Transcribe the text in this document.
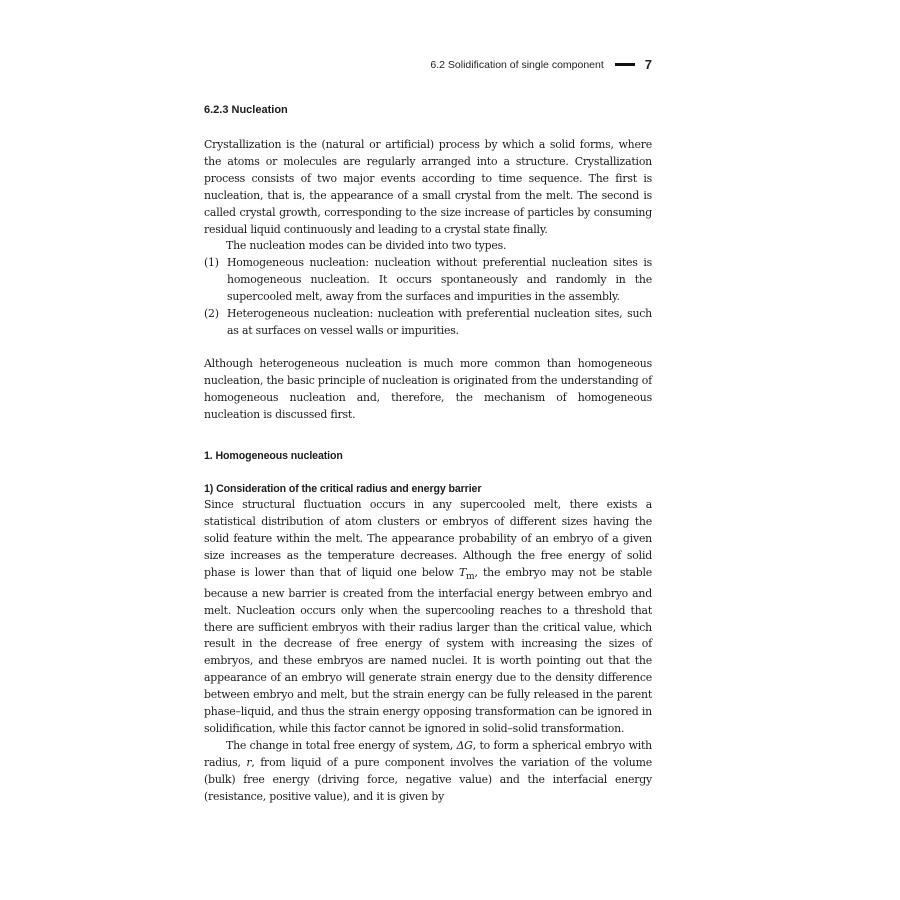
6.2 Solidification of single component	7
6.2.3 Nucleation

Crystallization is the (natural or artificial) process by which a solid forms, where the atoms or molecules are regularly arranged into a structure. Crystallization process consists of two major events according to time sequence. The first is nucleation, that is, the appearance of a small crystal from the melt. The second is called crystal growth, corresponding to the size increase of particles by consuming residual liquid continuously and leading to a crystal state finally.

The nucleation modes can be divided into two types.

(1) Homogeneous nucleation: nucleation without preferential nucleation sites is homogeneous nucleation. It occurs spontaneously and randomly in the supercooled melt, away from the surfaces and impurities in the assembly.
(2) Heterogeneous nucleation: nucleation with preferential nucleation sites, such as at surfaces on vessel walls or impurities.

Although heterogeneous nucleation is much more common than homogeneous nucleation, the basic principle of nucleation is originated from the understanding of homogeneous nucleation and, therefore, the mechanism of homogeneous nucleation is discussed first.

1. Homogeneous nucleation
1) Consideration of the critical radius and energy barrier

Since structural fluctuation occurs in any supercooled melt, there exists a statistical distribution of atom clusters or embryos of different sizes having the solid feature within the melt. The appearance probability of an embryo of a given size increases as the temperature decreases. Although the free energy of solid phase is lower than that of liquid one below $T_m$, the embryo may not be stable because a new barrier is created from the interfacial energy between embryo and melt. Nucleation occurs only when the supercooling reaches to a threshold that there are sufficient embryos with their radius larger than the critical value, which result in the decrease of free energy of system with increasing the sizes of embryos, and these embryos are named nuclei. It is worth pointing out that the appearance of an embryo will generate strain energy due to the density difference between embryo and melt, but the strain energy can be fully released in the parent phase–liquid, and thus the strain energy opposing transformation can be ignored in solidification, while this factor cannot be ignored in solid–solid transformation.

The change in total free energy of system, ΔG, to form a spherical embryo with radius, r, from liquid of a pure component involves the variation of the volume (bulk) free energy (driving force, negative value) and the interfacial energy (resistance, positive value), and it is given by
